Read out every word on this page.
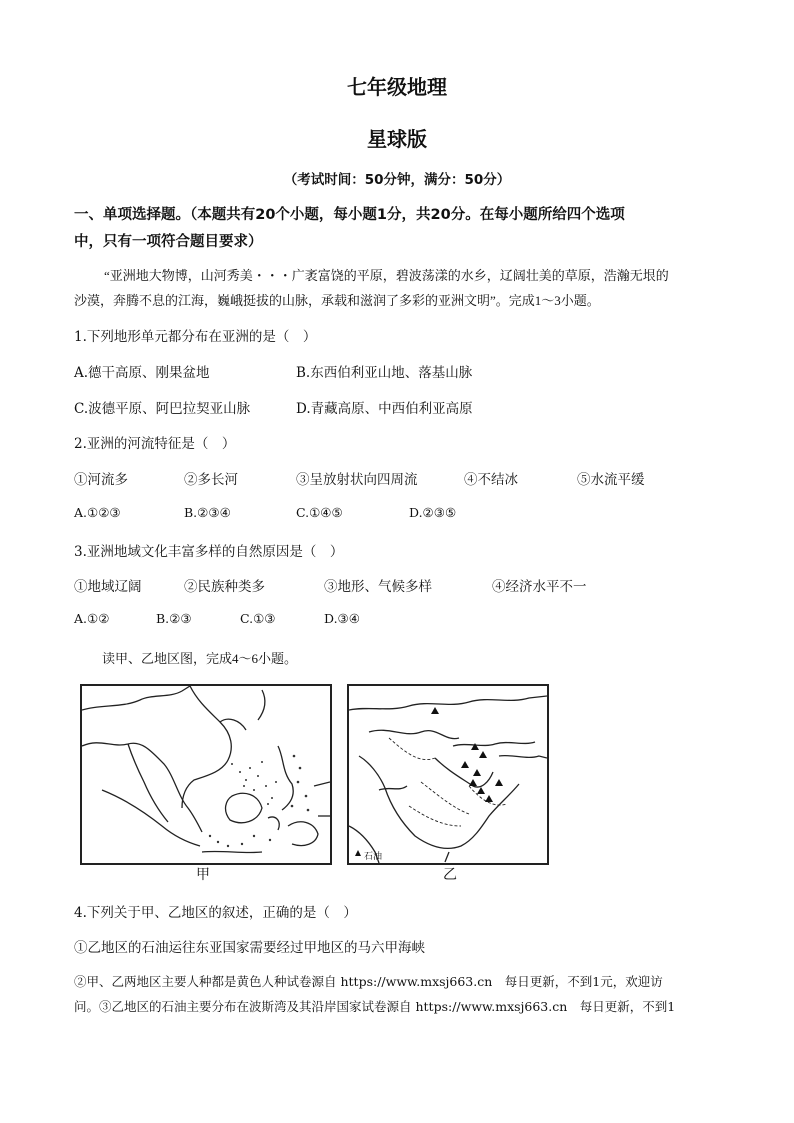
七年级地理
星球版
（考试时间：50分钟，满分：50分）
一、单项选择题。（本题共有20个小题，每小题1分，共20分。在每小题所给四个选项
中，只有一项符合题目要求）
“亚洲地大物博，山河秀美・・・广袤富饶的平原，碧波荡漾的水乡，辽阔壮美的草原，浩瀚无垠的
沙漠，奔腾不息的江海，巍峨挺拔的山脉，承载和滋润了多彩的亚洲文明”。完成1～3小题。
1.下列地形单元都分布在亚洲的是（　）
A.德干高原、刚果盆地	B.东西伯利亚山地、落基山脉
C.波德平原、阿巴拉契亚山脉	D.青藏高原、中西伯利亚高原
2.亚洲的河流特征是（　）
①河流多	②多长河	③呈放射状向四周流	④不结冰	⑤水流平缓
A.①②③	B.②③④	C.①④⑤	D.②③⑤
3.亚洲地域文化丰富多样的自然原因是（　）
①地域辽阔	②民族种类多	③地形、气候多样	④经济水平不一
A.①②	B.②③	C.①③	D.③④
读甲、乙地区图，完成4～6小题。
甲
石油
乙
4.下列关于甲、乙地区的叙述，正确的是（　）
①乙地区的石油运往东亚国家需要经过甲地区的马六甲海峡
②甲、乙两地区主要人种都是黄色人种试卷源自 https://www.mxsj663.cn　每日更新，不到1元，欢迎访
问。③乙地区的石油主要分布在波斯湾及其沿岸国家试卷源自 https://www.mxsj663.cn　每日更新，不到1
